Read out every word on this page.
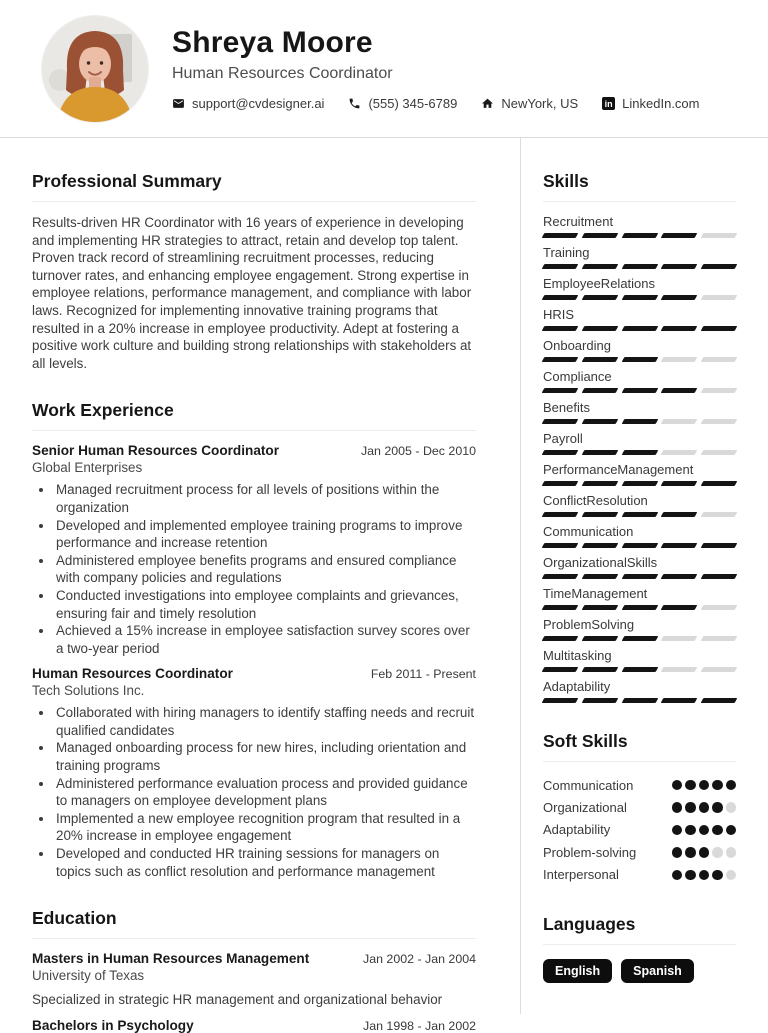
Shreya Moore
Human Resources Coordinator
support@cvdesigner.ai	(555) 345-6789	NewYork, US	in LinkedIn.com
Professional Summary

Results-driven HR Coordinator with 16 years of experience in developing and implementing HR strategies to attract, retain and develop top talent. Proven track record of streamlining recruitment processes, reducing turnover rates, and enhancing employee engagement. Strong expertise in employee relations, performance management, and compliance with labor laws. Recognized for implementing innovative training programs that resulted in a 20% increase in employee productivity. Adept at fostering a positive work culture and building strong relationships with stakeholders at all levels.

Work Experience
Senior Human Resources Coordinator	Jan 2005 - Dec 2010
Global Enterprises
• Managed recruitment process for all levels of positions within the organization
• Developed and implemented employee training programs to improve performance and increase retention
• Administered employee benefits programs and ensured compliance with company policies and regulations
• Conducted investigations into employee complaints and grievances, ensuring fair and timely resolution
• Achieved a 15% increase in employee satisfaction survey scores over a two-year period
Human Resources Coordinator	Feb 2011 - Present
Tech Solutions Inc.
• Collaborated with hiring managers to identify staffing needs and recruit qualified candidates
• Managed onboarding process for new hires, including orientation and training programs
• Administered performance evaluation process and provided guidance to managers on employee development plans
• Implemented a new employee recognition program that resulted in a 20% increase in employee engagement
• Developed and conducted HR training sessions for managers on topics such as conflict resolution and performance management
Education
Masters in Human Resources Management	Jan 2002 - Jan 2004
University of Texas
Specialized in strategic HR management and organizational behavior
Bachelors in Psychology	Jan 1998 - Jan 2002
Skills
Recruitment
Training
EmployeeRelations
HRIS
Onboarding
Compliance
Benefits
Payroll
PerformanceManagement
ConflictResolution
Communication
OrganizationalSkills
TimeManagement
ProblemSolving
Multitasking
Adaptability
Soft Skills
Communication
Organizational
Adaptability
Problem-solving
Interpersonal
Languages
English	Spanish
